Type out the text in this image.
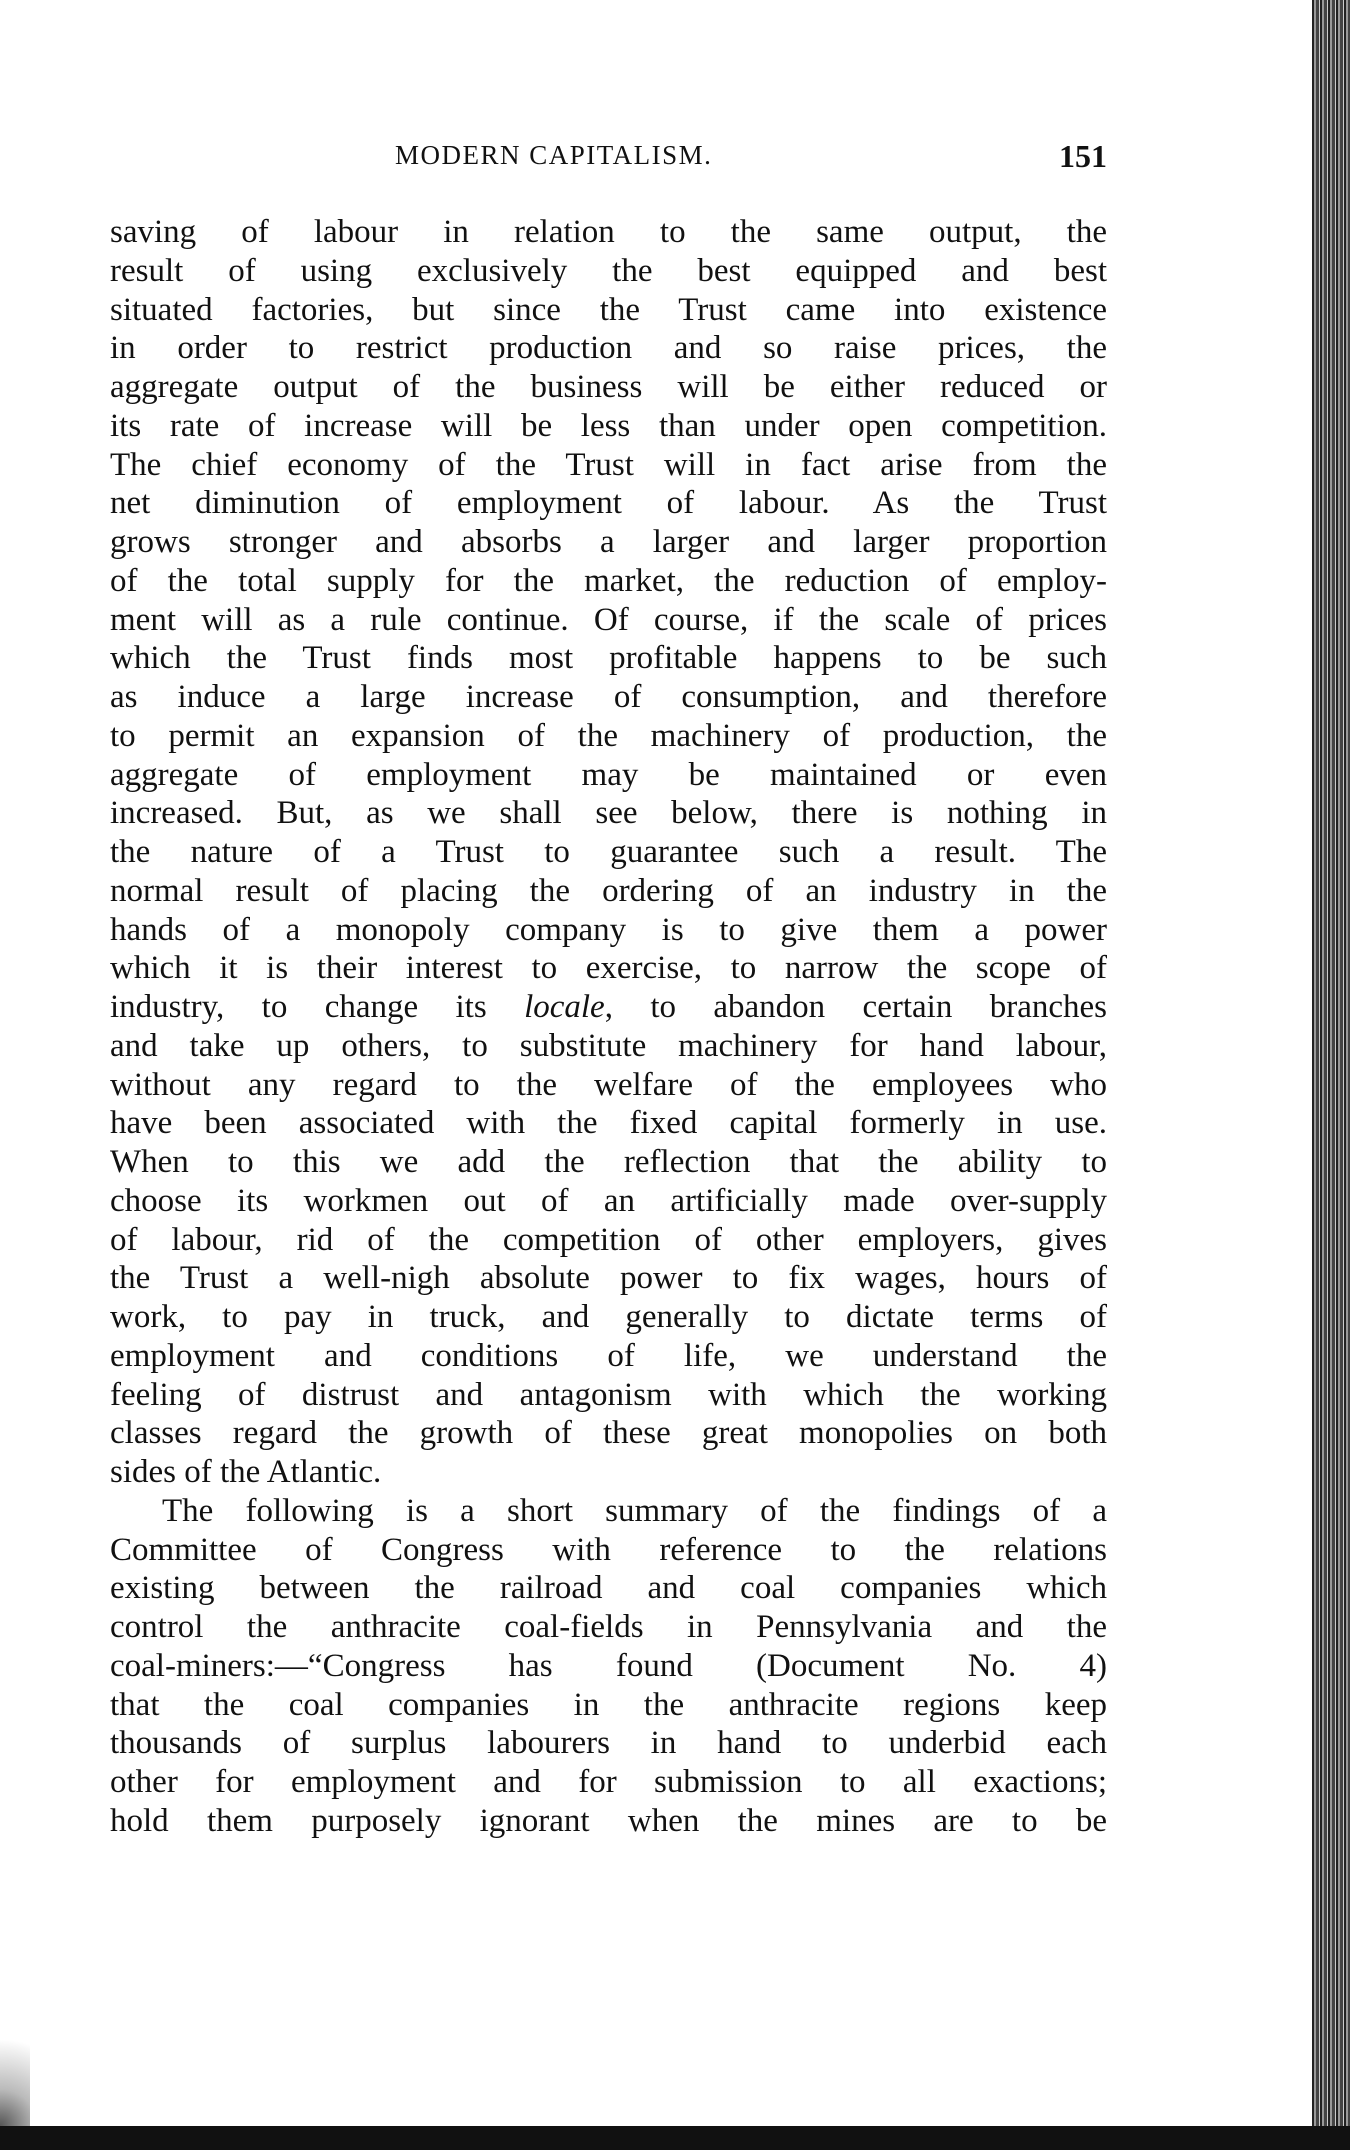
MODERN CAPITALISM.	151
saving of labour in relation to the same output, the
result of using exclusively the best equipped and best
situated factories, but since the Trust came into existence
in order to restrict production and so raise prices, the
aggregate output of the business will be either reduced or
its rate of increase will be less than under open competition.
The chief economy of the Trust will in fact arise from the
net diminution of employment of labour. As the Trust
grows stronger and absorbs a larger and larger proportion
of the total supply for the market, the reduction of employ-
ment will as a rule continue. Of course, if the scale of prices
which the Trust finds most profitable happens to be such
as induce a large increase of consumption, and therefore
to permit an expansion of the machinery of production, the
aggregate of employment may be maintained or even
increased. But, as we shall see below, there is nothing in
the nature of a Trust to guarantee such a result. The
normal result of placing the ordering of an industry in the
hands of a monopoly company is to give them a power
which it is their interest to exercise, to narrow the scope of
industry, to change its locale, to abandon certain branches
and take up others, to substitute machinery for hand labour,
without any regard to the welfare of the employees who
have been associated with the fixed capital formerly in use.
When to this we add the reflection that the ability to
choose its workmen out of an artificially made over-supply
of labour, rid of the competition of other employers, gives
the Trust a well-nigh absolute power to fix wages, hours of
work, to pay in truck, and generally to dictate terms of
employment and conditions of life, we understand the
feeling of distrust and antagonism with which the working
classes regard the growth of these great monopolies on both
sides of the Atlantic.
The following is a short summary of the findings of a
Committee of Congress with reference to the relations
existing between the railroad and coal companies which
control the anthracite coal-fields in Pennsylvania and the
coal-miners:—“Congress has found (Document No. 4)
that the coal companies in the anthracite regions keep
thousands of surplus labourers in hand to underbid each
other for employment and for submission to all exactions;
hold them purposely ignorant when the mines are to be
